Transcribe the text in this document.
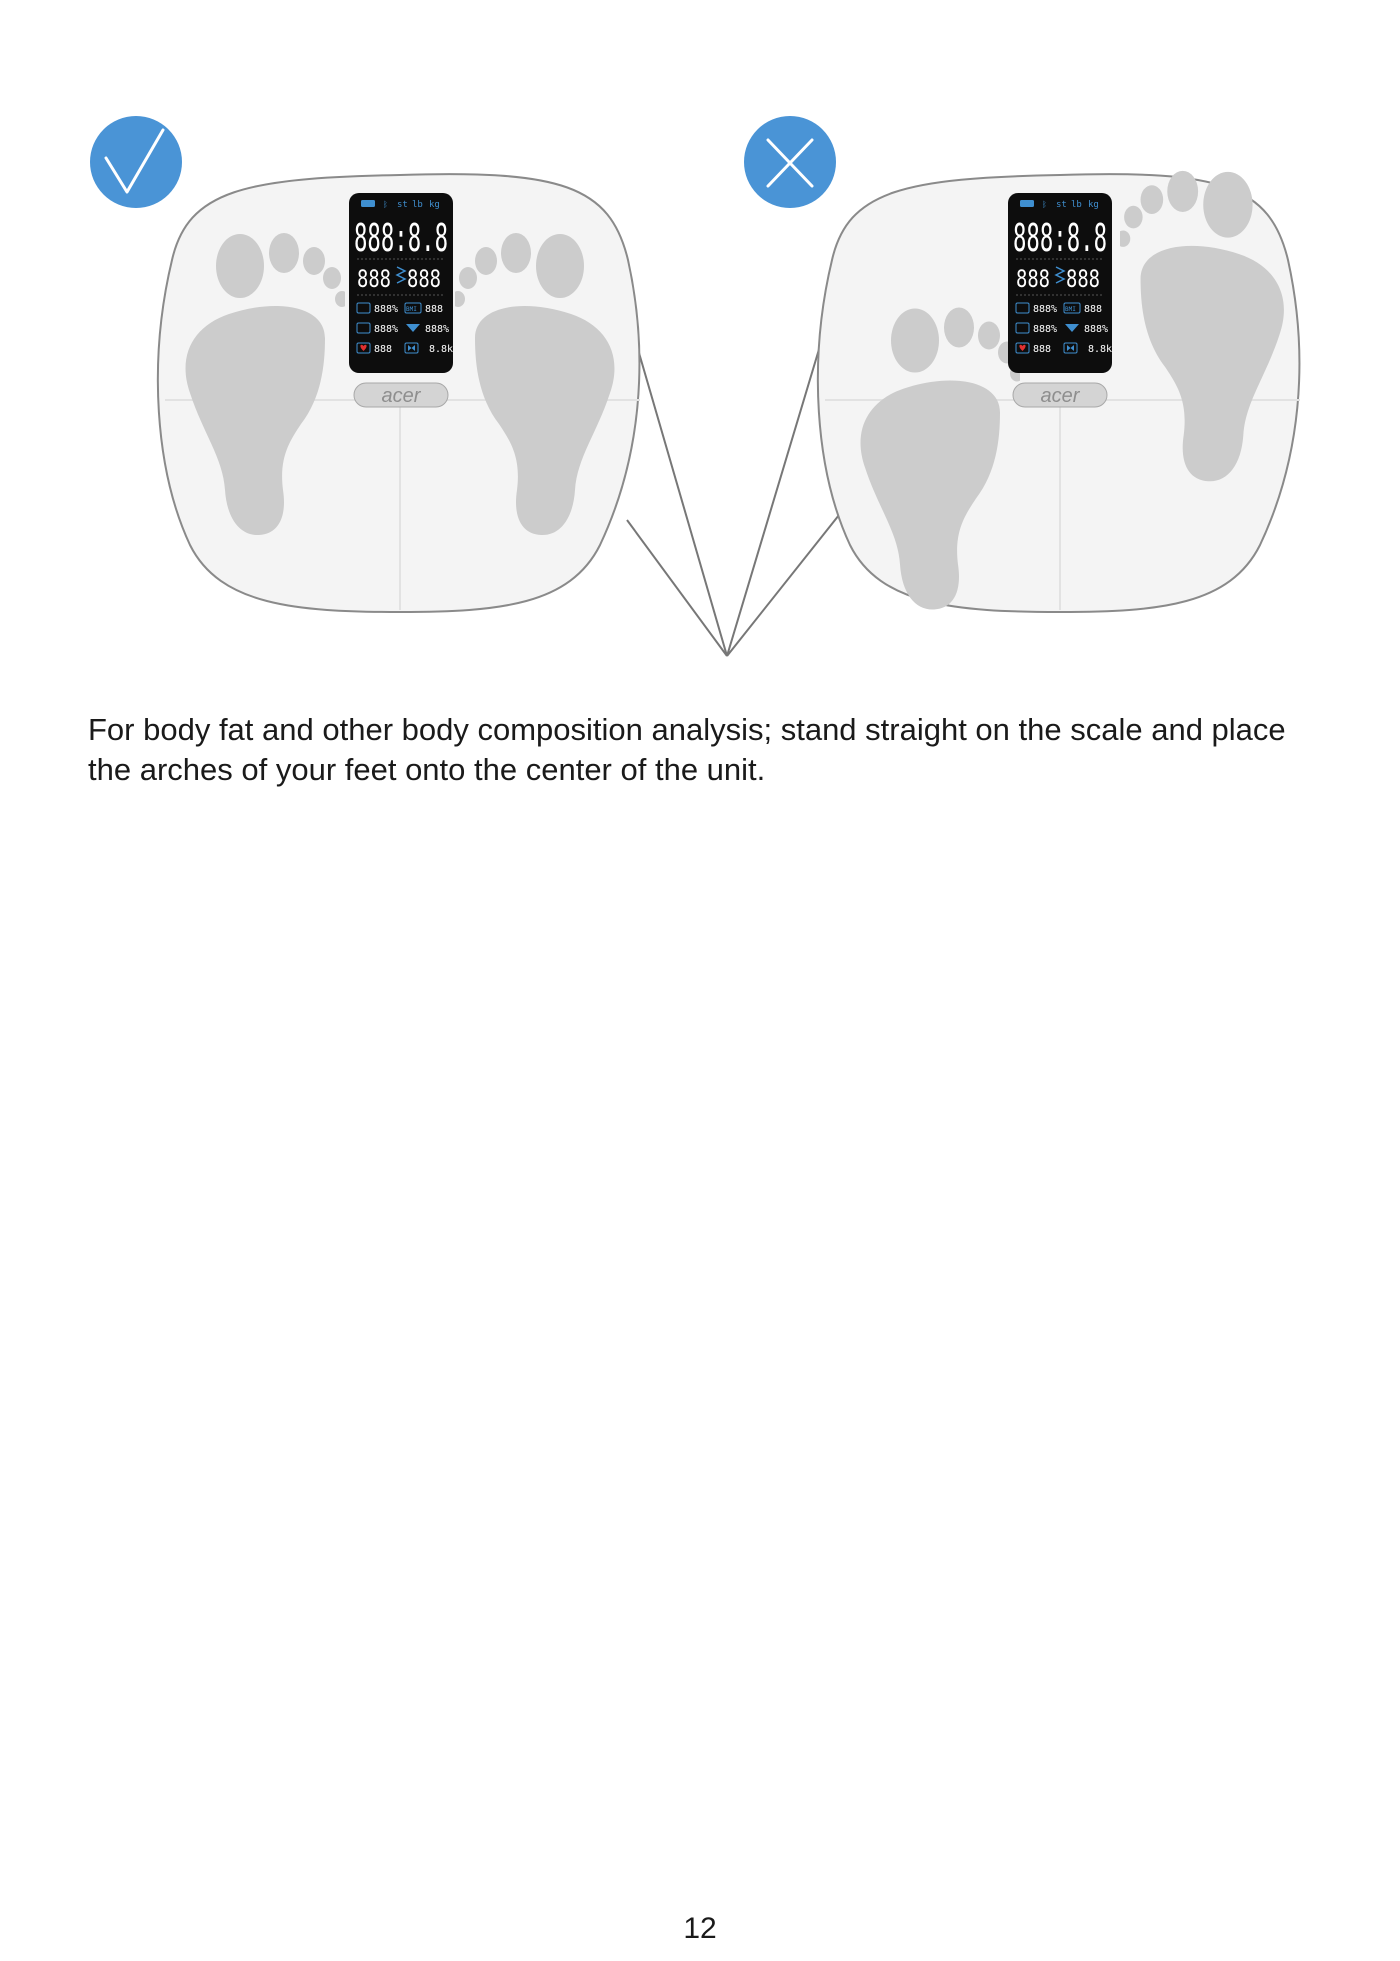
acer	acer

For body fat and other body composition analysis; stand straight on the scale and place the arches of your feet onto the center of the unit.

12
